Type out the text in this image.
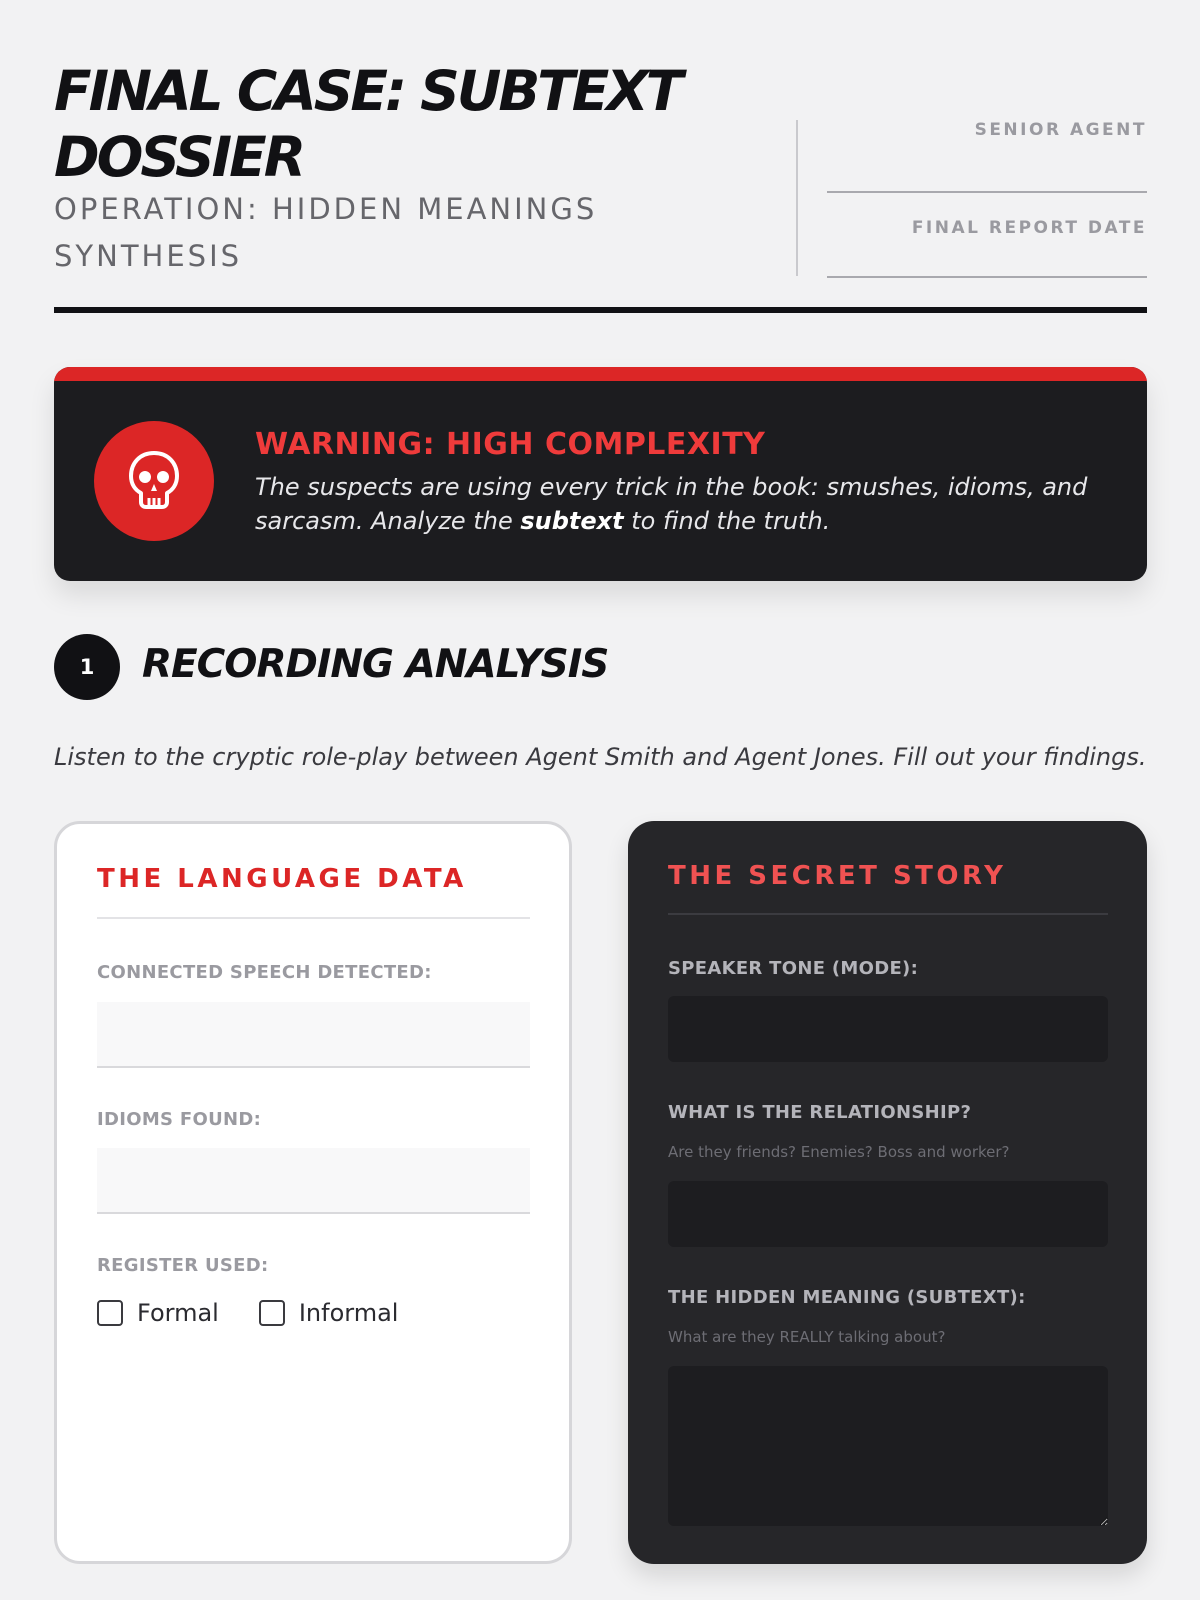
FINAL CASE: SUBTEXT DOSSIER
OPERATION: HIDDEN MEANINGS SYNTHESIS
SENIOR AGENT
FINAL REPORT DATE
WARNING: HIGH COMPLEXITY
The suspects are using every trick in the book: smushes, idioms, and sarcasm. Analyze the subtext to find the truth.
1	RECORDING ANALYSIS
Listen to the cryptic role-play between Agent Smith and Agent Jones. Fill out your findings.
THE LANGUAGE DATA
CONNECTED SPEECH DETECTED:
IDIOMS FOUND:
REGISTER USED:
Formal	Informal
THE SECRET STORY
SPEAKER TONE (MODE):
WHAT IS THE RELATIONSHIP?
Are they friends? Enemies? Boss and worker?
THE HIDDEN MEANING (SUBTEXT):
What are they REALLY talking about?
